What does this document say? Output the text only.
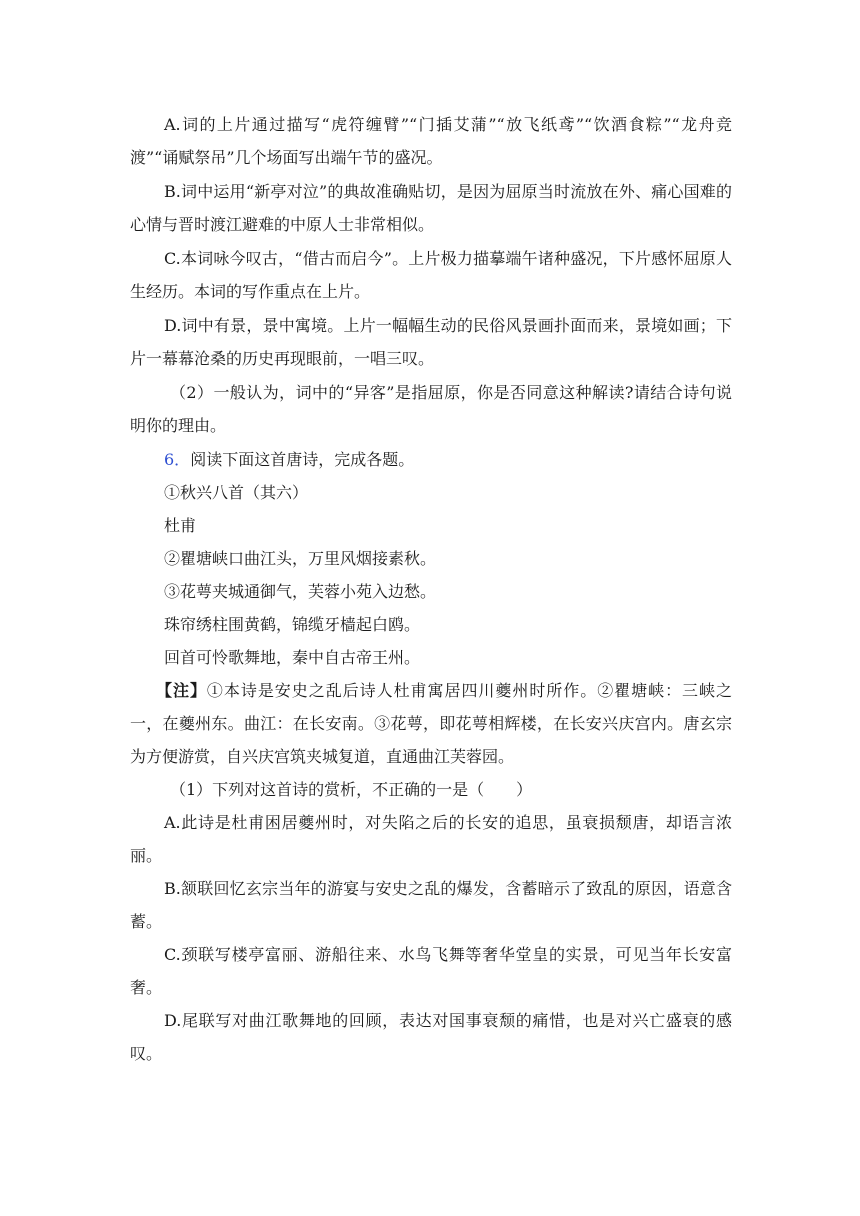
A.词的上片通过描写“虎符缠臂”“门插艾蒲”“放飞纸鸢”“饮酒食粽”“龙舟竞渡”“诵赋祭吊”几个场面写出端午节的盛况。

B.词中运用“新亭对泣”的典故准确贴切，是因为屈原当时流放在外、痛心国难的心情与晋时渡江避难的中原人士非常相似。

C.本词咏今叹古，“借古而启今”。上片极力描摹端午诸种盛况，下片感怀屈原人生经历。本词的写作重点在上片。

D.词中有景，景中寓境。上片一幅幅生动的民俗风景画扑面而来，景境如画；下片一幕幕沧桑的历史再现眼前，一唱三叹。

（2）一般认为，词中的“异客”是指屈原，你是否同意这种解读?请结合诗句说明你的理由。

6．阅读下面这首唐诗，完成各题。

①秋兴八首（其六）

杜甫

②瞿塘峡口曲江头，万里风烟接素秋。

③花萼夹城通御气，芙蓉小苑入边愁。

珠帘绣柱围黄鹤，锦缆牙樯起白鸥。

回首可怜歌舞地，秦中自古帝王州。

【注】①本诗是安史之乱后诗人杜甫寓居四川夔州时所作。②瞿塘峡：三峡之一，在夔州东。曲江：在长安南。③花萼，即花萼相辉楼，在长安兴庆宫内。唐玄宗为方便游赏，自兴庆宫筑夹城复道，直通曲江芙蓉园。

（1）下列对这首诗的赏析，不正确的一是（　　）

A.此诗是杜甫困居夔州时，对失陷之后的长安的追思，虽衰损颓唐，却语言浓丽。

B.颔联回忆玄宗当年的游宴与安史之乱的爆发，含蓄暗示了致乱的原因，语意含蓄。

C.颈联写楼亭富丽、游船往来、水鸟飞舞等奢华堂皇的实景，可见当年长安富奢。

D.尾联写对曲江歌舞地的回顾，表达对国事衰颓的痛惜，也是对兴亡盛衰的感叹。
